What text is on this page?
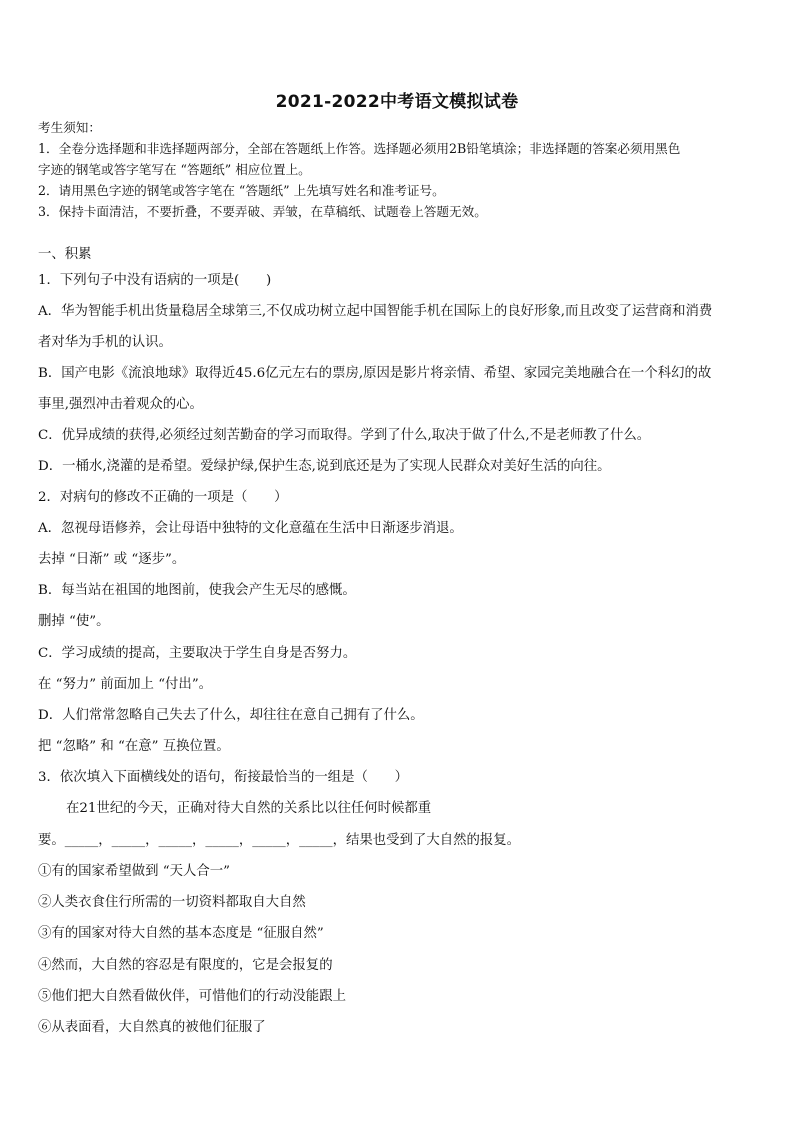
2021-2022中考语文模拟试卷
考生须知：
1．全卷分选择题和非选择题两部分，全部在答题纸上作答。选择题必须用2B铅笔填涂；非选择题的答案必须用黑色
字迹的钢笔或答字笔写在 “答题纸” 相应位置上。
2．请用黑色字迹的钢笔或答字笔在 “答题纸” 上先填写姓名和准考证号。
3．保持卡面清洁，不要折叠，不要弄破、弄皱，在草稿纸、试题卷上答题无效。
一、积累
1．下列句子中没有语病的一项是(　　)
A．华为智能手机出货量稳居全球第三,不仅成功树立起中国智能手机在国际上的良好形象,而且改变了运营商和消费
者对华为手机的认识。
B．国产电影《流浪地球》取得近45.6亿元左右的票房,原因是影片将亲情、希望、家园完美地融合在一个科幻的故
事里,强烈冲击着观众的心。
C．优异成绩的获得,必须经过刻苦勤奋的学习而取得。学到了什么,取决于做了什么,不是老师教了什么。
D．一桶水,浇灌的是希望。爱绿护绿,保护生态,说到底还是为了实现人民群众对美好生活的向往。
2．对病句的修改不正确的一项是（　　）
A．忽视母语修养，会让母语中独特的文化意蕴在生活中日渐逐步消退。
去掉 “日渐” 或 “逐步”。
B．每当站在祖国的地图前，使我会产生无尽的感慨。
删掉 “使”。
C．学习成绩的提高，主要取决于学生自身是否努力。
在 “努力” 前面加上 “付出”。
D．人们常常忽略自己失去了什么，却往往在意自己拥有了什么。
把 “忽略” 和 “在意” 互换位置。
3．依次填入下面横线处的语句，衔接最恰当的一组是（　　）
在21世纪的今天，正确对待大自然的关系比以往任何时候都重
要。_____，_____，_____，_____，_____，_____，结果也受到了大自然的报复。
①有的国家希望做到 “天人合一”
②人类衣食住行所需的一切资料都取自大自然
③有的国家对待大自然的基本态度是 “征服自然”
④然而，大自然的容忍是有限度的，它是会报复的
⑤他们把大自然看做伙伴，可惜他们的行动没能跟上
⑥从表面看，大自然真的被他们征服了
